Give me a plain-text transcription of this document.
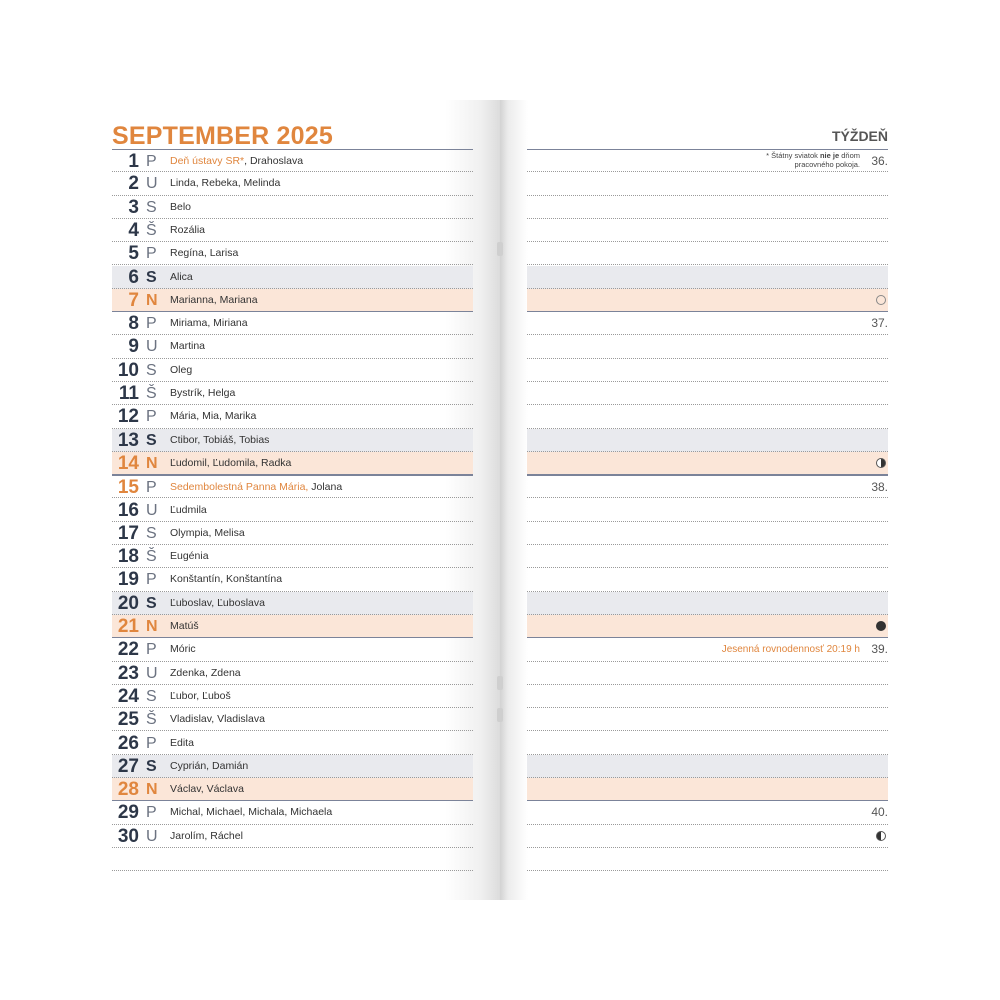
SEPTEMBER 2025	TÝŽDEŇ
1 P Deň ústavy SR*, Drahoslava	36.
* Štátny sviatok nie je dňom
pracovného pokoja.
2 U Linda, Rebeka, Melinda
3 S Belo
4 Š Rozália
5 P Regína, Larisa
6 S Alica
7 N Marianna, Mariana
8 P Miriama, Miriana	37.
9 U Martina
10 S Oleg
11 Š Bystrík, Helga
12 P Mária, Mia, Marika
13 S Ctibor, Tobiáš, Tobias
14 N Ľudomil, Ľudomila, Radka
15 P Sedembolestná Panna Mária, Jolana	38.
16 U Ľudmila
17 S Olympia, Melisa
18 Š Eugénia
19 P Konštantín, Konštantína
20 S Ľuboslav, Ľuboslava
21 N Matúš
22 P Móric	39.
Jesenná rovnodennosť 20:19 h
23 U Zdenka, Zdena
24 S Ľubor, Ľuboš
25 Š Vladislav, Vladislava
26 P Edita
27 S Cyprián, Damián
28 N Václav, Václava
29 P Michal, Michael, Michala, Michaela	40.
30 U Jarolím, Ráchel
